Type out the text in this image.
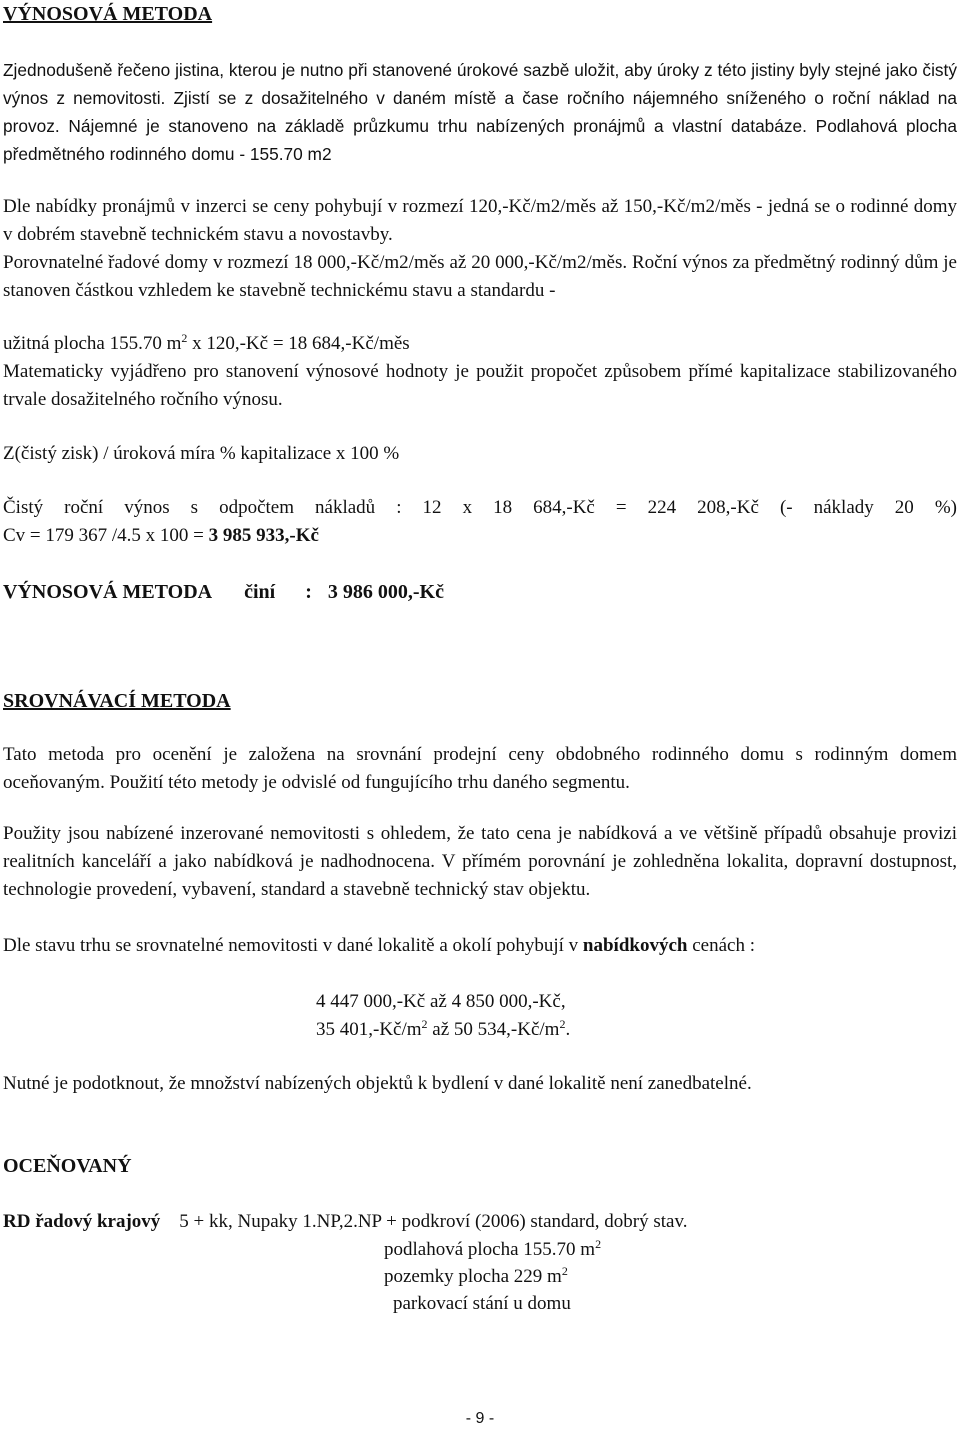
VÝNOSOVÁ METODA
Zjednodušeně řečeno jistina, kterou je nutno při stanovené úrokové sazbě uložit, aby úroky z této jistiny byly stejné jako čistý výnos z nemovitosti. Zjistí se z dosažitelného v daném místě a čase ročního nájemného sníženého o roční náklad na provoz. Nájemné je stanoveno na základě průzkumu trhu nabízených pronájmů a vlastní databáze. Podlahová plocha předmětného rodinného domu - 155.70 m2
Dle nabídky pronájmů v inzerci se ceny pohybují v rozmezí 120,-Kč/m2/měs až 150,-Kč/m2/měs - jedná se o rodinné domy v dobrém stavebně technickém stavu a novostavby.
Porovnatelné řadové domy v rozmezí 18 000,-Kč/m2/měs až 20 000,-Kč/m2/měs. Roční výnos za předmětný rodinný dům je stanoven částkou vzhledem ke stavebně technickému stavu a standardu -
užitná plocha 155.70 $m^2$ x 120,-Kč = 18 684,-Kč/měs
Matematicky vyjádřeno pro stanovení výnosové hodnoty je použit propočet způsobem přímé kapitalizace stabilizovaného trvale dosažitelného ročního výnosu.
Z(čistý zisk) / úroková míra % kapitalizace x 100 %
Čistý roční výnos s odpočtem nákladů : 12 x 18 684,-Kč = 224 208,-Kč (- náklady 20 %)
Cv = 179 367 /4.5 x 100 = 3 985 933,-Kč
VÝNOSOVÁ METODA činí : 3 986 000,-Kč
SROVNÁVACÍ METODA
Tato metoda pro ocenění je založena na srovnání prodejní ceny obdobného rodinného domu s rodinným domem oceňovaným. Použití této metody je odvislé od fungujícího trhu daného segmentu.
Použity jsou nabízené inzerované nemovitosti s ohledem, že tato cena je nabídková a ve většině případů obsahuje provizi realitních kanceláří a jako nabídková je nadhodnocena. V přímém porovnání je zohledněna lokalita, dopravní dostupnost, technologie provedení, vybavení, standard a stavebně technický stav objektu.
Dle stavu trhu se srovnatelné nemovitosti v dané lokalitě a okolí pohybují v nabídkových cenách :
4 447 000,-Kč až 4 850 000,-Kč,
35 $401,-Kč/m^2$ až 50 $534,-Kč/m^2$.
Nutné je podotknout, že množství nabízených objektů k bydlení v dané lokalitě není zanedbatelné.
OCEŇOVANÝ
RD řadový krajový 5 + kk, Nupaky 1.NP,2.NP + podkroví (2006) standard, dobrý stav.
podlahová plocha 155.70 $m^2$
pozemky plocha 229 $m^2$
parkovací stání u domu
- 9 -
